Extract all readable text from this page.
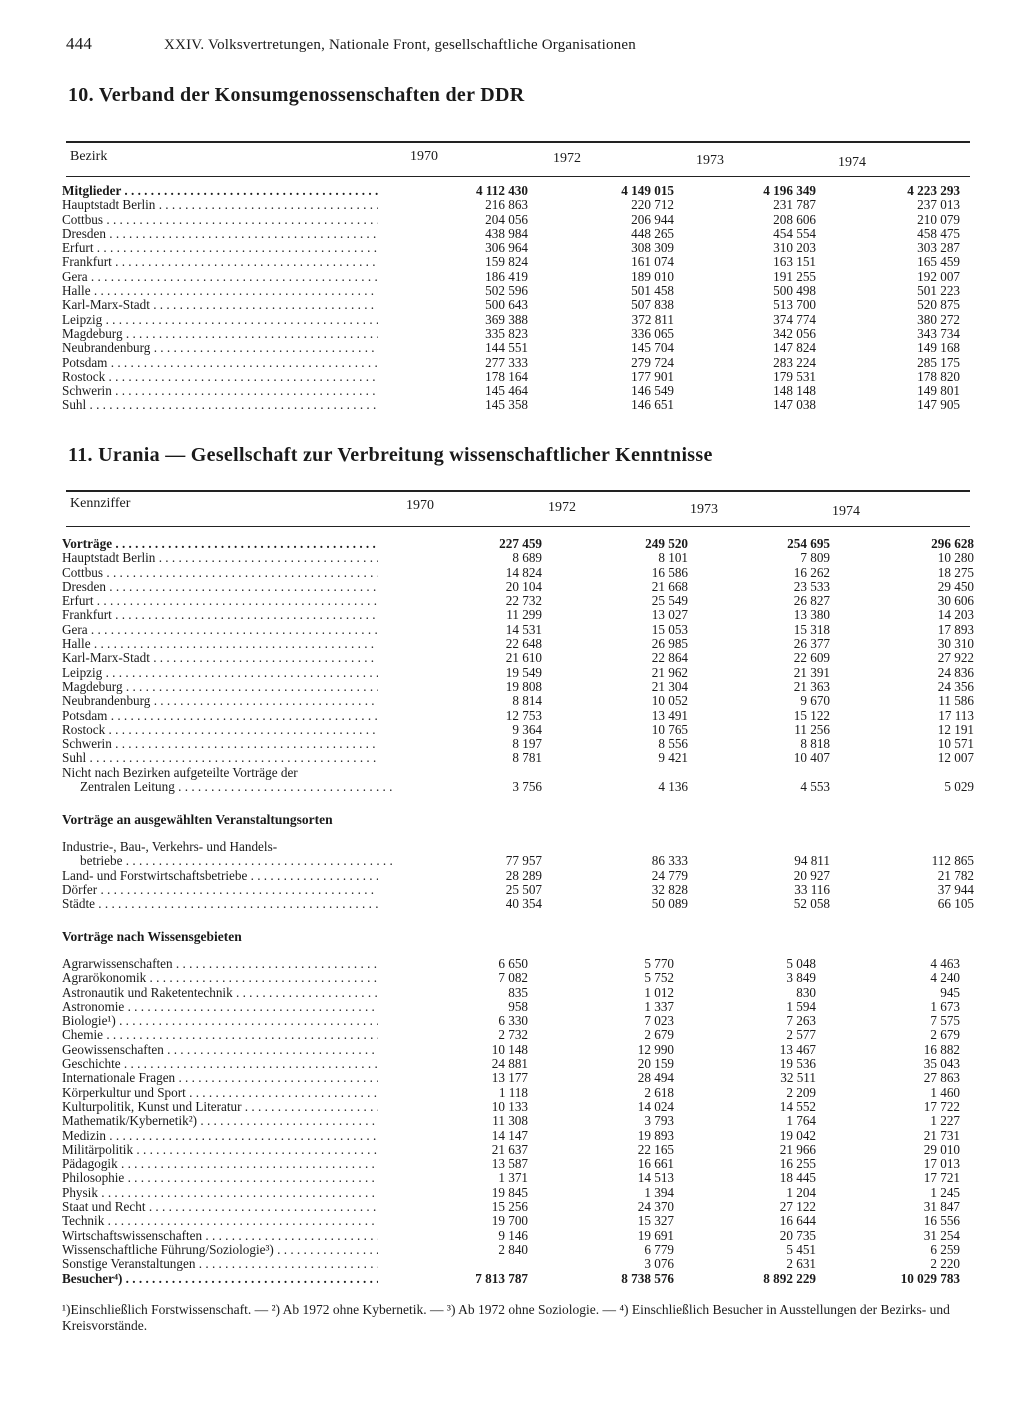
444	XXIV. Volksvertretungen, Nationale Front, gesellschaftliche Organisationen
10. Verband der Konsumgenossenschaften der DDR
Bezirk	1970	1972	1973	1974
Mitglieder . . .	4 112 430	4 149 015	4 196 349	4 223 293

Hauptstadt Berlin . . .	216 863	220 712	231 787	237 013

Cottbus . . .	204 056	206 944	208 606	210 079

Dresden . . .	438 984	448 265	454 554	458 475

Erfurt . . .	306 964	308 309	310 203	303 287

Frankfurt . . .	159 824	161 074	163 151	165 459

Gera . . .	186 419	189 010	191 255	192 007

Halle . . .	502 596	501 458	500 498	501 223

Karl-Marx-Stadt . . .	500 643	507 838	513 700	520 875

Leipzig . . .	369 388	372 811	374 774	380 272

Magdeburg . . .	335 823	336 065	342 056	343 734

Neubrandenburg . . .	144 551	145 704	147 824	149 168

Potsdam . . .	277 333	279 724	283 224	285 175

Rostock . . .	178 164	177 901	179 531	178 820

Schwerin . . .	145 464	146 549	148 148	149 801

Suhl . . .	145 358	146 651	147 038	147 905
11. Urania — Gesellschaft zur Verbreitung wissenschaftlicher Kenntnisse
Kennziffer	1970	1972	1973	1974
Vorträge . . .	227 459	249 520	254 695	296 628

Hauptstadt Berlin . . .	8 689	8 101	7 809	10 280

Cottbus . . .	14 824	16 586	16 262	18 275

Dresden . . .	20 104	21 668	23 533	29 450

Erfurt . . .	22 732	25 549	26 827	30 606

Frankfurt . . .	11 299	13 027	13 380	14 203

Gera . . .	14 531	15 053	15 318	17 893

Halle . . .	22 648	26 985	26 377	30 310

Karl-Marx-Stadt . . .	21 610	22 864	22 609	27 922

Leipzig . . .	19 549	21 962	21 391	24 836

Magdeburg . . .	19 808	21 304	21 363	24 356

Neubrandenburg . . .	8 814	10 052	9 670	11 586

Potsdam . . .	12 753	13 491	15 122	17 113

Rostock . . .	9 364	10 765	11 256	12 191

Schwerin . . .	8 197	8 556	8 818	10 571

Suhl . . .	8 781	9 421	10 407	12 007

Nicht nach Bezirken aufgeteilte Vorträge der				

Zentralen Leitung . . .	3 756	4 136	4 553	5 029
Vorträge an ausgewählten Veranstaltungsorten
Industrie-, Bau-, Verkehrs- und Handels-				

betriebe . . .	77 957	86 333	94 811	112 865

Land- und Forstwirtschaftsbetriebe . . .	28 289	24 779	20 927	21 782

Dörfer . . .	25 507	32 828	33 116	37 944

Städte . . .	40 354	50 089	52 058	66 105
Vorträge nach Wissensgebieten
Agrarwissenschaften . . .	6 650	5 770	5 048	4 463

Agrarökonomik . . .	7 082	5 752	3 849	4 240

Astronautik und Raketentechnik . . .	835	1 012	830	945

Astronomie . . .	958	1 337	1 594	1 673

Biologie¹) . . .	6 330	7 023	7 263	7 575

Chemie . . .	2 732	2 679	2 577	2 679

Geowissenschaften . . .	10 148	12 990	13 467	16 882

Geschichte . . .	24 881	20 159	19 536	35 043

Internationale Fragen . . .	13 177	28 494	32 511	27 863

Körperkultur und Sport . . .	1 118	2 618	2 209	1 460

Kulturpolitik, Kunst und Literatur . . .	10 133	14 024	14 552	17 722

Mathematik/Kybernetik²) . . .	11 308	3 793	1 764	1 227

Medizin . . .	14 147	19 893	19 042	21 731

Militärpolitik . . .	21 637	22 165	21 966	29 010

Pädagogik . . .	13 587	16 661	16 255	17 013

Philosophie . . .	1 371	14 513	18 445	17 721

Physik . . .	19 845	1 394	1 204	1 245

Staat und Recht . . .	15 256	24 370	27 122	31 847

Technik . . .	19 700	15 327	16 644	16 556

Wirtschaftswissenschaften . . .	9 146	19 691	20 735	31 254

Wissenschaftliche Führung/Soziologie³) . . .	2 840	6 779	5 451	6 259

Sonstige Veranstaltungen . . .		3 076	2 631	2 220

Besucher⁴) . . .	7 813 787	8 738 576	8 892 229	10 029 783
¹)Einschließlich Forstwissenschaft. — ²) Ab 1972 ohne Kybernetik. — ³) Ab 1972 ohne Soziologie. — ⁴) Einschließlich Besucher in Ausstellungen der Bezirks- und Kreisvorstände.
